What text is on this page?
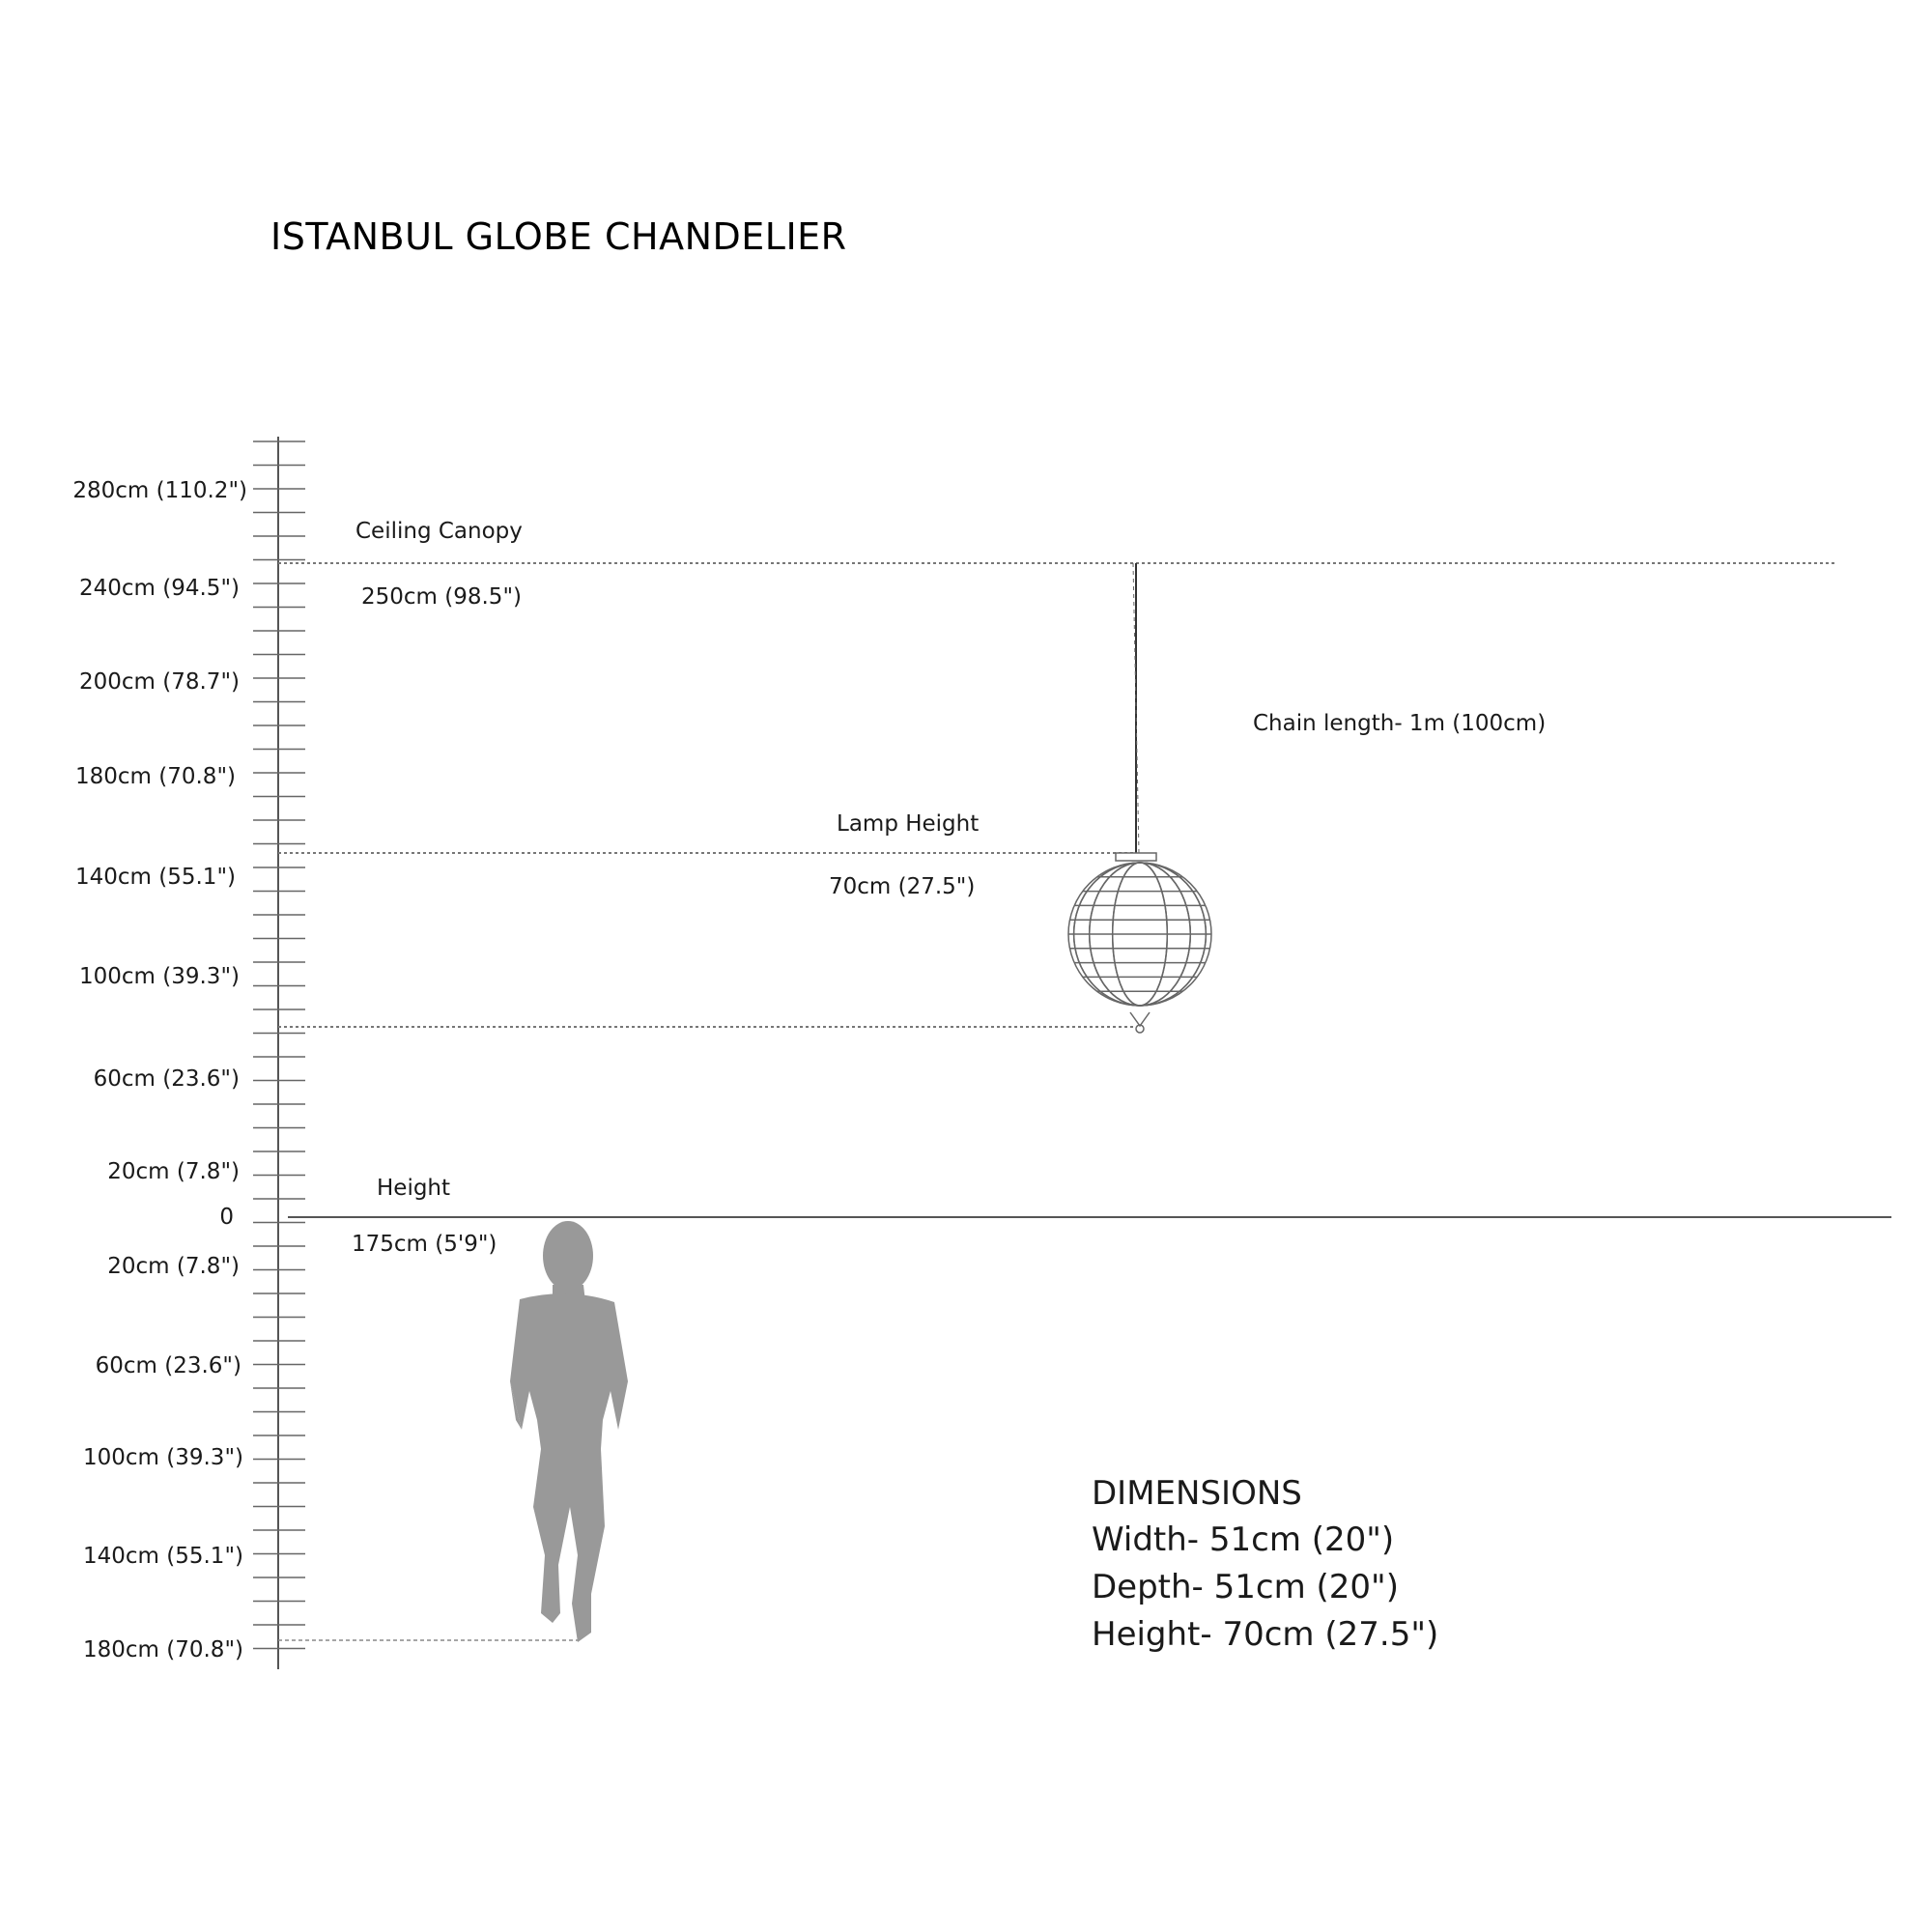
ISTANBUL GLOBE CHANDELIER
280cm (110.2")
240cm (94.5")
200cm (78.7")
180cm (70.8")
140cm (55.1")
100cm (39.3")
60cm (23.6")
20cm (7.8")
0
20cm (7.8")
60cm (23.6")
100cm (39.3")
140cm (55.1")
180cm (70.8")
Ceiling Canopy
250cm (98.5")
Lamp Height
70cm (27.5")
Chain length- 1m (100cm)
Height
175cm (5'9")
DIMENSIONS
Width- 51cm (20")
Depth- 51cm (20")
Height- 70cm (27.5")
